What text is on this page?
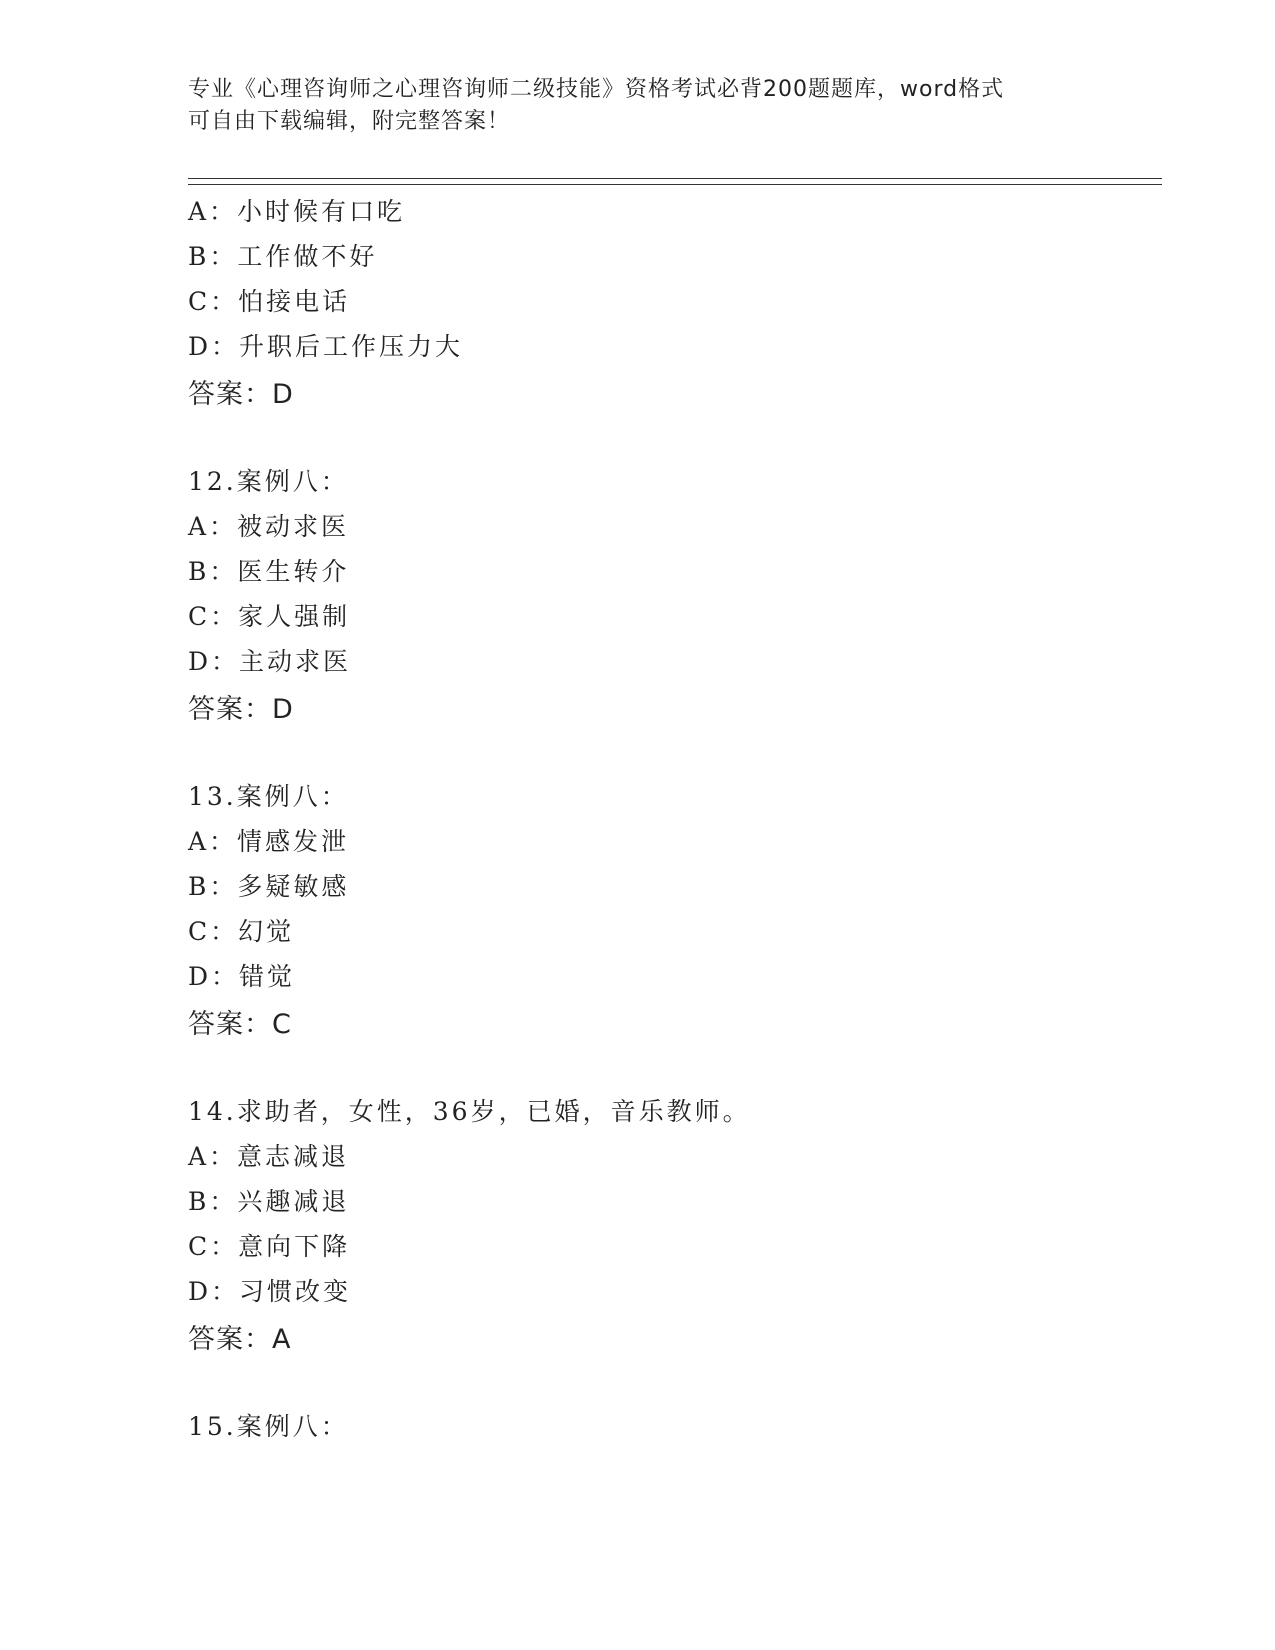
专业《心理咨询师之心理咨询师二级技能》资格考试必背200题题库，word格式
可自由下载编辑，附完整答案！
A：小时候有口吃
B：工作做不好
C：怕接电话
D：升职后工作压力大
答案：D
12.案例八：
A：被动求医
B：医生转介
C：家人强制
D：主动求医
答案：D
13.案例八：
A：情感发泄
B：多疑敏感
C：幻觉
D：错觉
答案：C
14.求助者，女性，36岁，已婚，音乐教师。
A：意志减退
B：兴趣减退
C：意向下降
D：习惯改变
答案：A
15.案例八：
